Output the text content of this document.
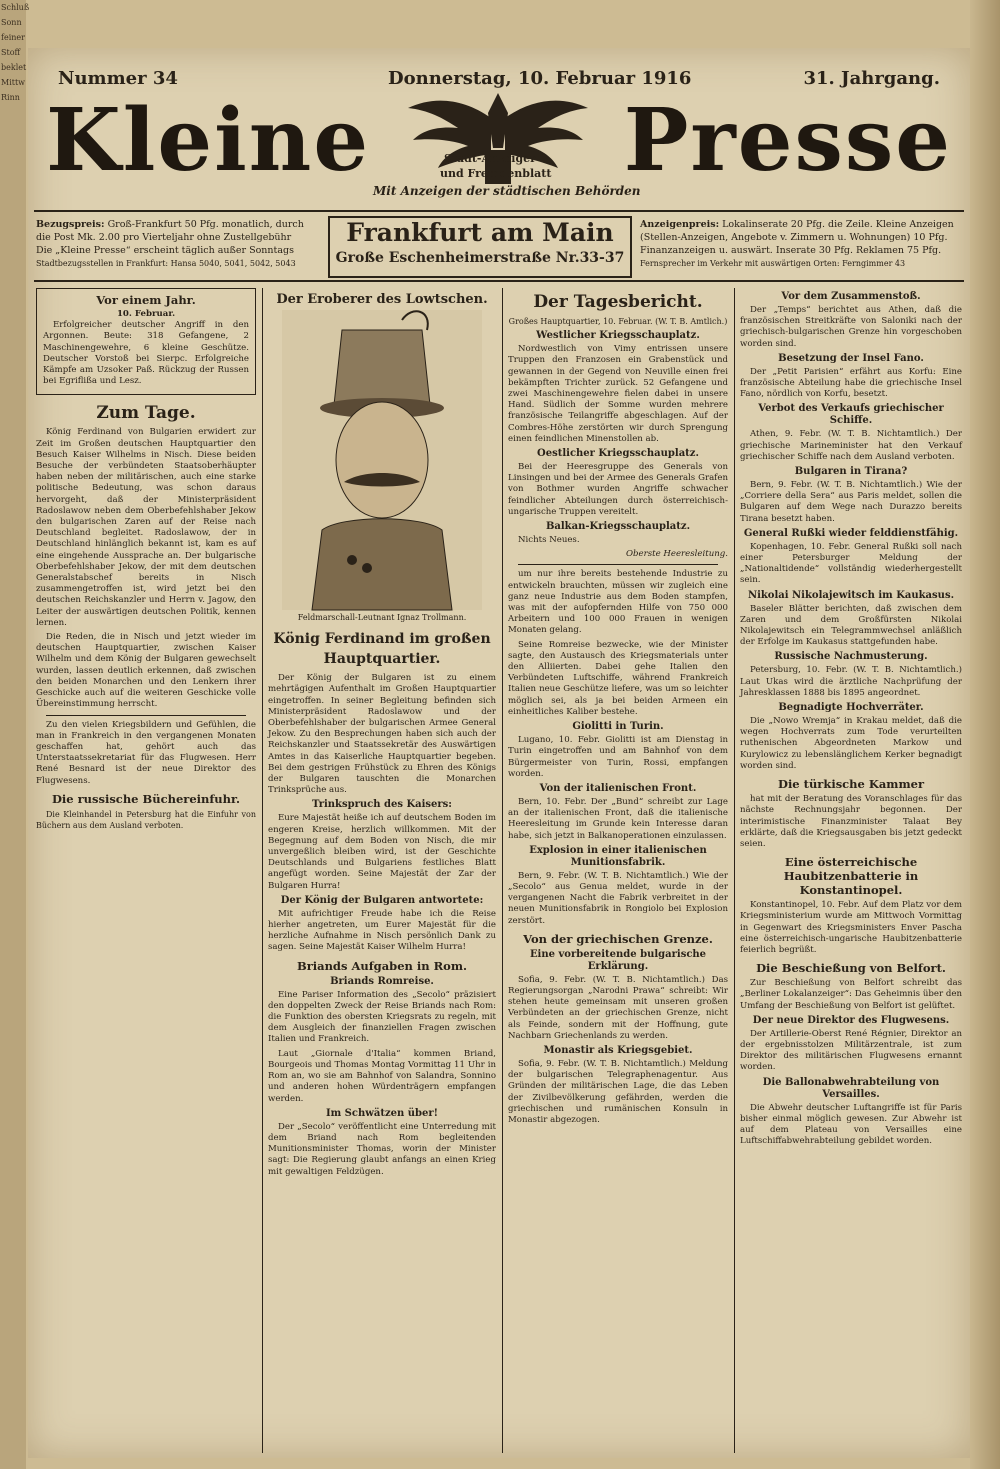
Schluß
Sonn
feiner
Stoff
beklet
Mittw
Rinn
Nummer 34	Donnerstag, 10. Februar 1916	31. Jahrgang.
Kleine	Stadt-Anzeiger
und Fremdenblatt
Mit Anzeigen der städtischen Behörden
Presse
Bezugspreis: Groß-Frankfurt 50 Pfg. monatlich, durch die Post Mk. 2.00 pro Vierteljahr ohne Zustellgebühr
Die „Kleine Presse“ erscheint täglich außer Sonntags
Stadtbezugsstellen in Frankfurt: Hansa 5040, 5041, 5042, 5043
Frankfurt am Main
Große Eschenheimerstraße Nr.33-37
Anzeigenpreis: Lokalinserate 20 Pfg. die Zeile. Kleine Anzeigen (Stellen-Anzeigen, Angebote v. Zimmern u. Wohnungen) 10 Pfg.
Finanzanzeigen u. auswärt. Inserate 30 Pfg. Reklamen 75 Pfg.
Fernsprecher im Verkehr mit auswärtigen Orten: Ferngimmer 43
Vor einem Jahr.
10. Februar.

Erfolgreicher deutscher Angriff in den Argonnen. Beute: 318 Gefangene, 2 Maschinengewehre, 6 kleine Geschütze. Deutscher Vorstoß bei Sierpc. Erfolgreiche Kämpfe am Uzsoker Paß. Rückzug der Russen bei Egriflißa und Lesz.

Zum Tage.

König Ferdinand von Bulgarien erwidert zur Zeit im Großen deutschen Hauptquartier den Besuch Kaiser Wilhelms in Nisch. Diese beiden Besuche der verbündeten Staatsoberhäupter haben neben der militärischen, auch eine starke politische Bedeutung, was schon daraus hervorgeht, daß der Ministerpräsident Radoslawow neben dem Oberbefehlshaber Jekow den bulgarischen Zaren auf der Reise nach Deutschland begleitet. Radoslawow, der in Deutschland hinlänglich bekannt ist, kam es auf eine eingehende Aussprache an. Der bulgarische Oberbefehlshaber Jekow, der mit dem deutschen Generalstabschef bereits in Nisch zusammengetroffen ist, wird jetzt bei den deutschen Reichskanzler und Herrn v. Jagow, den Leiter der auswärtigen deutschen Politik, kennen lernen.

Die Reden, die in Nisch und jetzt wieder im deutschen Hauptquartier, zwischen Kaiser Wilhelm und dem König der Bulgaren gewechselt wurden, lassen deutlich erkennen, daß zwischen den beiden Monarchen und den Lenkern ihrer Geschicke auch auf die weiteren Geschicke volle Übereinstimmung herrscht.

Zu den vielen Kriegsbildern und Gefühlen, die man in Frankreich in den vergangenen Monaten geschaffen hat, gehört auch das Unterstaatssekretariat für das Flugwesen. Herr René Besnard ist der neue Direktor des Flugwesens.

Die russische Büchereinfuhr.

Die Kleinhandel in Petersburg hat die Einfuhr von Büchern aus dem Ausland verboten.

Der Eroberer des Lowtschen.
Feldmarschall-Leutnant Ignaz Trollmann.
König Ferdinand im großen Hauptquartier.

Der König der Bulgaren ist zu einem mehrtägigen Aufenthalt im Großen Hauptquartier eingetroffen. In seiner Begleitung befinden sich Ministerpräsident Radoslawow und der Oberbefehlshaber der bulgarischen Armee General Jekow. Zu den Besprechungen haben sich auch der Reichskanzler und Staatssekretär des Auswärtigen Amtes in das Kaiserliche Hauptquartier begeben. Bei dem gestrigen Frühstück zu Ehren des Königs der Bulgaren tauschten die Monarchen Trinksprüche aus.

Trinkspruch des Kaisers:

Eure Majestät heiße ich auf deutschem Boden im engeren Kreise, herzlich willkommen. Mit der Begegnung auf dem Boden von Nisch, die mir unvergeßlich bleiben wird, ist der Geschichte Deutschlands und Bulgariens festliches Blatt angefügt worden. Seine Majestät der Zar der Bulgaren Hurra!

Der König der Bulgaren antwortete:

Mit aufrichtiger Freude habe ich die Reise hierher angetreten, um Eurer Majestät für die herzliche Aufnahme in Nisch persönlich Dank zu sagen. Seine Majestät Kaiser Wilhelm Hurra!

Briands Aufgaben in Rom.
Briands Romreise.

Eine Pariser Information des „Secolo“ präzisiert den doppelten Zweck der Reise Briands nach Rom: die Funktion des obersten Kriegsrats zu regeln, mit dem Ausgleich der finanziellen Fragen zwischen Italien und Frankreich.

Laut „Giornale d'Italia“ kommen Briand, Bourgeois und Thomas Montag Vormittag 11 Uhr in Rom an, wo sie am Bahnhof von Salandra, Sonnino und anderen hohen Würdenträgern empfangen werden.

Im Schwätzen über!

Der „Secolo“ veröffentlicht eine Unterredung mit dem Briand nach Rom begleitenden Munitionsminister Thomas, worin der Minister sagt: Die Regierung glaubt anfangs an einen Krieg mit gewaltigen Feldzügen.

Der Tagesbericht.

Großes Hauptquartier, 10. Februar. (W. T. B. Amtlich.)

Westlicher Kriegsschauplatz.

Nordwestlich von Vimy entrissen unsere Truppen den Franzosen ein Grabenstück und gewannen in der Gegend von Neuville einen frei bekämpften Trichter zurück. 52 Gefangene und zwei Maschinengewehre fielen dabei in unsere Hand. Südlich der Somme wurden mehrere französische Teilangriffe abgeschlagen. Auf der Combres-Höhe zerstörten wir durch Sprengung einen feindlichen Minenstollen ab.

Oestlicher Kriegsschauplatz.

Bei der Heeresgruppe des Generals von Linsingen und bei der Armee des Generals Grafen von Bothmer wurden Angriffe schwacher feindlicher Abteilungen durch österreichisch-ungarische Truppen vereitelt.

Balkan-Kriegsschauplatz.

Nichts Neues.

Oberste Heeresleitung.

um nur ihre bereits bestehende Industrie zu entwickeln brauchten, müssen wir zugleich eine ganz neue Industrie aus dem Boden stampfen, was mit der aufopfernden Hilfe von 750 000 Arbeitern und 100 000 Frauen in wenigen Monaten gelang.

Seine Romreise bezwecke, wie der Minister sagte, den Austausch des Kriegsmaterials unter den Alliierten. Dabei gehe Italien den Verbündeten Luftschiffe, während Frankreich Italien neue Geschütze liefere, was um so leichter möglich sei, als ja bei beiden Armeen ein einheitliches Kaliber bestehe.

Giolitti in Turin.

Lugano, 10. Febr. Giolitti ist am Dienstag in Turin eingetroffen und am Bahnhof von dem Bürgermeister von Turin, Rossi, empfangen worden.

Von der italienischen Front.

Bern, 10. Febr. Der „Bund“ schreibt zur Lage an der italienischen Front, daß die italienische Heeresleitung im Grunde kein Interesse daran habe, sich jetzt in Balkanoperationen einzulassen.

Explosion in einer italienischen Munitionsfabrik.

Bern, 9. Febr. (W. T. B. Nichtamtlich.) Wie der „Secolo“ aus Genua meldet, wurde in der vergangenen Nacht die Fabrik verbreitet in der neuen Munitionsfabrik in Rongiolo bei Explosion zerstört.

Von der griechischen Grenze.
Eine vorbereitende bulgarische Erklärung.

Sofia, 9. Febr. (W. T. B. Nichtamtlich.) Das Regierungsorgan „Narodni Prawa“ schreibt: Wir stehen heute gemeinsam mit unseren großen Verbündeten an der griechischen Grenze, nicht als Feinde, sondern mit der Hoffnung, gute Nachbarn Griechenlands zu werden.

Monastir als Kriegsgebiet.

Sofia, 9. Febr. (W. T. B. Nichtamtlich.) Meldung der bulgarischen Telegraphenagentur. Aus Gründen der militärischen Lage, die das Leben der Zivilbevölkerung gefährden, werden die griechischen und rumänischen Konsuln in Monastir abgezogen.

Vor dem Zusammenstoß.

Der „Temps“ berichtet aus Athen, daß die französischen Streitkräfte von Saloniki nach der griechisch-bulgarischen Grenze hin vorgeschoben worden sind.

Besetzung der Insel Fano.

Der „Petit Parisien“ erfährt aus Korfu: Eine französische Abteilung habe die griechische Insel Fano, nördlich von Korfu, besetzt.

Verbot des Verkaufs griechischer Schiffe.

Athen, 9. Febr. (W. T. B. Nichtamtlich.) Der griechische Marineminister hat den Verkauf griechischer Schiffe nach dem Ausland verboten.

Bulgaren in Tirana?

Bern, 9. Febr. (W. T. B. Nichtamtlich.) Wie der „Corriere della Sera“ aus Paris meldet, sollen die Bulgaren auf dem Wege nach Durazzo bereits Tirana besetzt haben.

General Rußki wieder felddienstfähig.

Kopenhagen, 10. Febr. General Rußki soll nach einer Petersburger Meldung der „Nationaltidende“ vollständig wiederhergestellt sein.

Nikolai Nikolajewitsch im Kaukasus.

Baseler Blätter berichten, daß zwischen dem Zaren und dem Großfürsten Nikolai Nikolajewitsch ein Telegrammwechsel anläßlich der Erfolge im Kaukasus stattgefunden habe.

Russische Nachmusterung.

Petersburg, 10. Febr. (W. T. B. Nichtamtlich.) Laut Ukas wird die ärztliche Nachprüfung der Jahresklassen 1888 bis 1895 angeordnet.

Begnadigte Hochverräter.

Die „Nowo Wremja“ in Krakau meldet, daß die wegen Hochverrats zum Tode verurteilten ruthenischen Abgeordneten Markow und Kurylowicz zu lebenslänglichem Kerker begnadigt worden sind.

Die türkische Kammer

hat mit der Beratung des Voranschlages für das nächste Rechnungsjahr begonnen. Der interimistische Finanzminister Talaat Bey erklärte, daß die Kriegsausgaben bis jetzt gedeckt seien.

Eine österreichische Haubitzenbatterie in Konstantinopel.

Konstantinopel, 10. Febr. Auf dem Platz vor dem Kriegsministerium wurde am Mittwoch Vormittag in Gegenwart des Kriegsministers Enver Pascha eine österreichisch-ungarische Haubitzenbatterie feierlich begrüßt.

Die Beschießung von Belfort.

Zur Beschießung von Belfort schreibt das „Berliner Lokalanzeiger“: Das Geheimnis über den Umfang der Beschießung von Belfort ist gelüftet.

Der neue Direktor des Flugwesens.

Der Artillerie-Oberst René Régnier, Direktor an der ergebnisstolzen Militärzentrale, ist zum Direktor des militärischen Flugwesens ernannt worden.

Die Ballonabwehrabteilung von Versailles.

Die Abwehr deutscher Luftangriffe ist für Paris bisher einmal möglich gewesen. Zur Abwehr ist auf dem Plateau von Versailles eine Luftschiffabwehrabteilung gebildet worden.
